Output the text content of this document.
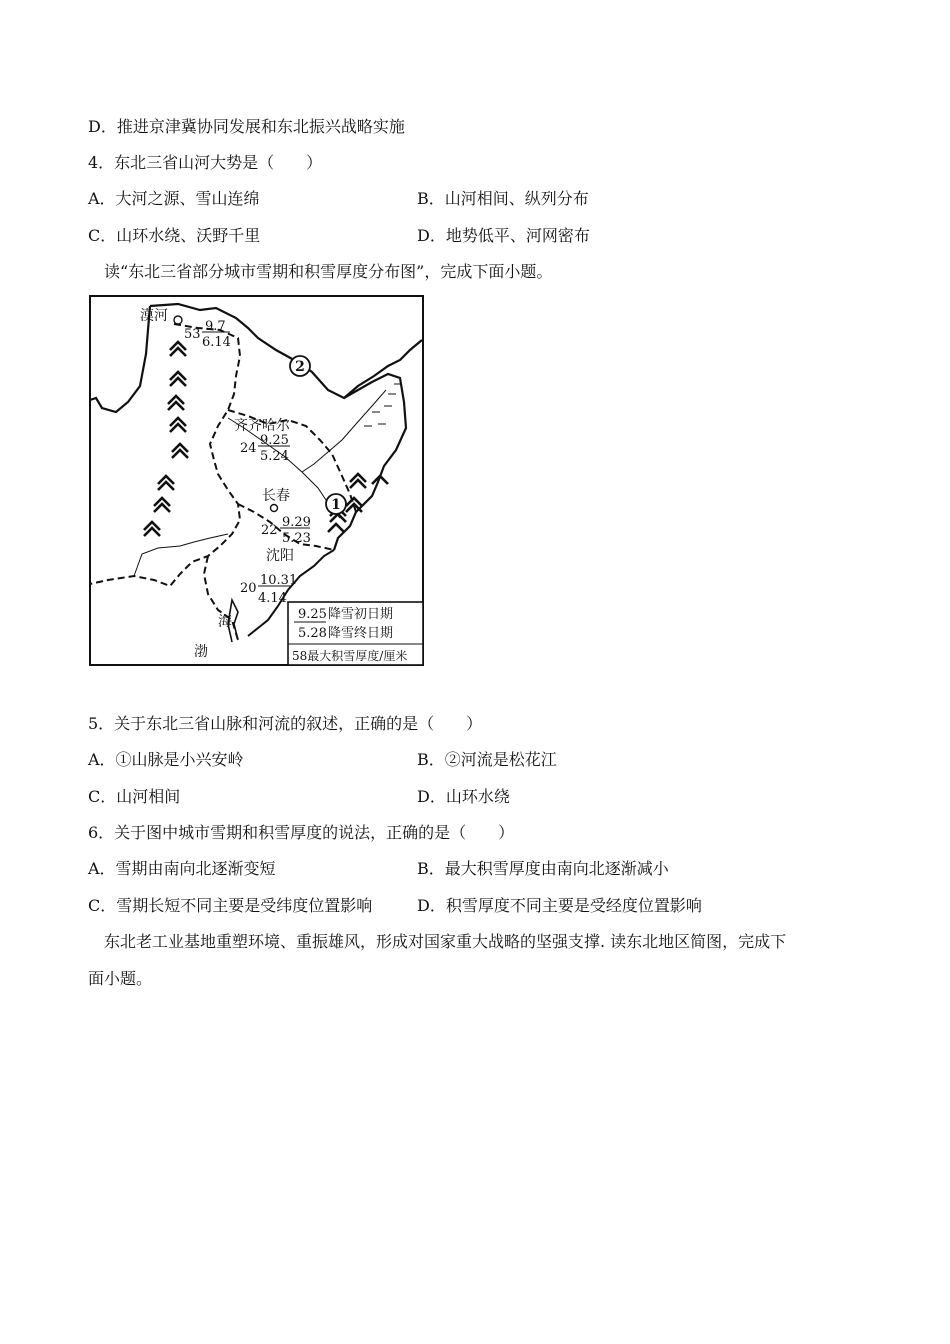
D．推进京津冀协同发展和东北振兴战略实施
4．东北三省山河大势是（　　）
A．大河之源、雪山连绵	B．山河相间、纵列分布
C．山环水绕、沃野千里	D．地势低平、河网密布
读“东北三省部分城市雪期和积雪厚度分布图”，完成下面小题。
漠河
53
9.7
6.14
齐齐哈尔
24
9.25
5.24
长春
22
9.29
5.23
沈阳
20
10.31
4.14
海
渤
2
1
9.25 降雪初日期
5.28 降雪终日期
58最大积雪厚度/厘米
5．关于东北三省山脉和河流的叙述，正确的是（　　）
A．①山脉是小兴安岭	B．②河流是松花江
C．山河相间	D．山环水绕
6．关于图中城市雪期和积雪厚度的说法，正确的是（　　）
A．雪期由南向北逐渐变短	B．最大积雪厚度由南向北逐渐减小
C．雪期长短不同主要是受纬度位置影响	D．积雪厚度不同主要是受经度位置影响
东北老工业基地重塑环境、重振雄风，形成对国家重大战略的坚强支撑. 读东北地区简图，完成下
面小题。
